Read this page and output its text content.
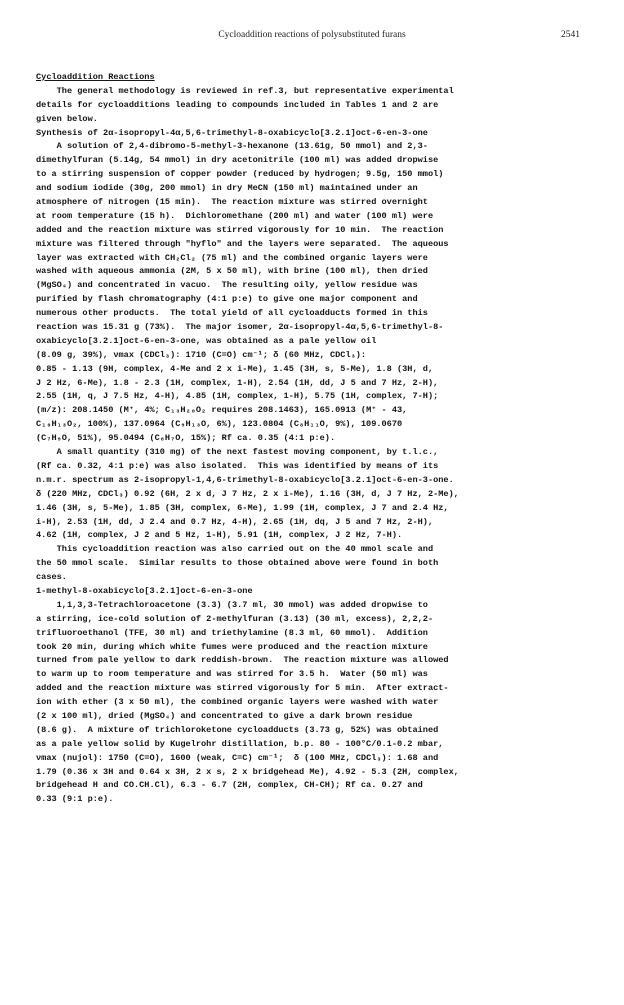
Cycloaddition reactions of polysubstituted furans	2541
Cycloaddition Reactions
The general methodology is reviewed in ref.3, but representative experimental
details for cycloadditions leading to compounds included in Tables 1 and 2 are
given below.
Synthesis of 2α-isopropyl-4α,5,6-trimethyl-8-oxabicyclo[3.2.1]oct-6-en-3-one
A solution of 2,4-dibromo-5-methyl-3-hexanone (13.61g, 50 mmol) and 2,3-
dimethylfuran (5.14g, 54 mmol) in dry acetonitrile (100 ml) was added dropwise
to a stirring suspension of copper powder (reduced by hydrogen; 9.5g, 150 mmol)
and sodium iodide (30g, 200 mmol) in dry MeCN (150 ml) maintained under an
atmosphere of nitrogen (15 min).  The reaction mixture was stirred overnight
at room temperature (15 h).  Dichloromethane (200 ml) and water (100 ml) were
added and the reaction mixture was stirred vigorously for 10 min.  The reaction
mixture was filtered through "hyflo" and the layers were separated.  The aqueous
layer was extracted with CH₂Cl₂ (75 ml) and the combined organic layers were
washed with aqueous ammonia (2M, 5 x 50 ml), with brine (100 ml), then dried
(MgSO₄) and concentrated in vacuo.  The resulting oily, yellow residue was
purified by flash chromatography (4:1 p:e) to give one major component and
numerous other products.  The total yield of all cycloadducts formed in this
reaction was 15.31 g (73%).  The major isomer, 2α-isopropyl-4α,5,6-trimethyl-8-
oxabicyclo[3.2.1]oct-6-en-3-one, was obtained as a pale yellow oil
(8.09 g, 39%), νmax (CDCl₃): 1710 (C=O) cm⁻¹; δ (60 MHz, CDCl₃):
0.85 - 1.13 (9H, complex, 4-Me and 2 x i-Me), 1.45 (3H, s, 5-Me), 1.8 (3H, d,
J 2 Hz, 6-Me), 1.8 - 2.3 (1H, complex, 1-H), 2.54 (1H, dd, J 5 and 7 Hz, 2-H),
2.55 (1H, q, J 7.5 Hz, 4-H), 4.85 (1H, complex, 1-H), 5.75 (1H, complex, 7-H);
(m/z): 208.1450 (M⁺, 4%; C₁₃H₂₀O₂ requires 208.1463), 165.0913 (M⁺ - 43,
C₁₀H₁₃O₂, 100%), 137.0964 (C₉H₁₃O, 6%), 123.0804 (C₈H₁₁O, 9%), 109.0670
(C₇H₉O, 51%), 95.0494 (C₆H₇O, 15%); Rf ca. 0.35 (4:1 p:e).
A small quantity (310 mg) of the next fastest moving component, by t.l.c.,
(Rf ca. 0.32, 4:1 p:e) was also isolated.  This was identified by means of its
n.m.r. spectrum as 2-isopropyl-1,4,6-trimethyl-8-oxabicyclo[3.2.1]oct-6-en-3-one.
δ (220 MHz, CDCl₃) 0.92 (6H, 2 x d, J 7 Hz, 2 x i-Me), 1.16 (3H, d, J 7 Hz, 2-Me),
1.46 (3H, s, 5-Me), 1.85 (3H, complex, 6-Me), 1.99 (1H, complex, J 7 and 2.4 Hz,
i-H), 2.53 (1H, dd, J 2.4 and 0.7 Hz, 4-H), 2.65 (1H, dq, J 5 and 7 Hz, 2-H),
4.62 (1H, complex, J 2 and 5 Hz, 1-H), 5.91 (1H, complex, J 2 Hz, 7-H).
This cycloaddition reaction was also carried out on the 40 mmol scale and
the 50 mmol scale.  Similar results to those obtained above were found in both
cases.
1-methyl-8-oxabicyclo[3.2.1]oct-6-en-3-one
1,1,3,3-Tetrachloroacetone (3.3) (3.7 ml, 30 mmol) was added dropwise to
a stirring, ice-cold solution of 2-methylfuran (3.13) (30 ml, excess), 2,2,2-
trifluoroethanol (TFE, 30 ml) and triethylamine (8.3 ml, 60 mmol).  Addition
took 20 min, during which white fumes were produced and the reaction mixture
turned from pale yellow to dark reddish-brown.  The reaction mixture was allowed
to warm up to room temperature and was stirred for 3.5 h.  Water (50 ml) was
added and the reaction mixture was stirred vigorously for 5 min.  After extract-
ion with ether (3 x 50 ml), the combined organic layers were washed with water
(2 x 100 ml), dried (MgSO₄) and concentrated to give a dark brown residue
(8.6 g).  A mixture of trichloroketone cycloadducts (3.73 g, 52%) was obtained
as a pale yellow solid by Kugelrohr distillation, b.p. 80 - 100°C/0.1-0.2 mbar,
νmax (nujol): 1750 (C=O), 1600 (weak, C=C) cm⁻¹;  δ (100 MHz, CDCl₃): 1.68 and
1.79 (0.36 x 3H and 0.64 x 3H, 2 x s, 2 x bridgehead Me), 4.92 - 5.3 (2H, complex,
bridgehead H and CO.CH.Cl), 6.3 - 6.7 (2H, complex, CH-CH); Rf ca. 0.27 and
0.33 (9:1 p:e).
